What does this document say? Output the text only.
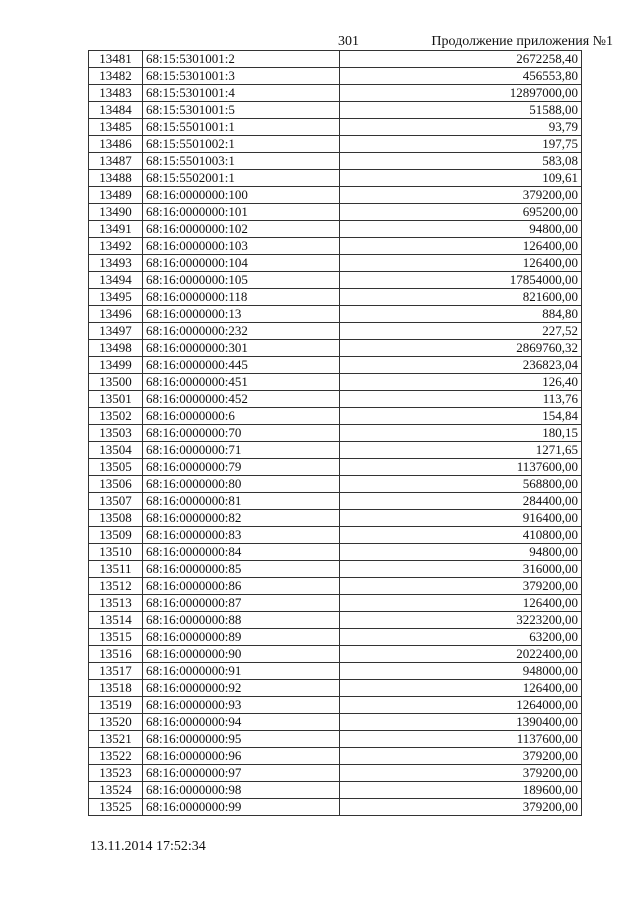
301	Продолжение приложения №1
13481	68:15:5301001:2	2672258,40
13482	68:15:5301001:3	456553,80
13483	68:15:5301001:4	12897000,00
13484	68:15:5301001:5	51588,00
13485	68:15:5501001:1	93,79
13486	68:15:5501002:1	197,75
13487	68:15:5501003:1	583,08
13488	68:15:5502001:1	109,61
13489	68:16:0000000:100	379200,00
13490	68:16:0000000:101	695200,00
13491	68:16:0000000:102	94800,00
13492	68:16:0000000:103	126400,00
13493	68:16:0000000:104	126400,00
13494	68:16:0000000:105	17854000,00
13495	68:16:0000000:118	821600,00
13496	68:16:0000000:13	884,80
13497	68:16:0000000:232	227,52
13498	68:16:0000000:301	2869760,32
13499	68:16:0000000:445	236823,04
13500	68:16:0000000:451	126,40
13501	68:16:0000000:452	113,76
13502	68:16:0000000:6	154,84
13503	68:16:0000000:70	180,15
13504	68:16:0000000:71	1271,65
13505	68:16:0000000:79	1137600,00
13506	68:16:0000000:80	568800,00
13507	68:16:0000000:81	284400,00
13508	68:16:0000000:82	916400,00
13509	68:16:0000000:83	410800,00
13510	68:16:0000000:84	94800,00
13511	68:16:0000000:85	316000,00
13512	68:16:0000000:86	379200,00
13513	68:16:0000000:87	126400,00
13514	68:16:0000000:88	3223200,00
13515	68:16:0000000:89	63200,00
13516	68:16:0000000:90	2022400,00
13517	68:16:0000000:91	948000,00
13518	68:16:0000000:92	126400,00
13519	68:16:0000000:93	1264000,00
13520	68:16:0000000:94	1390400,00
13521	68:16:0000000:95	1137600,00
13522	68:16:0000000:96	379200,00
13523	68:16:0000000:97	379200,00
13524	68:16:0000000:98	189600,00
13525	68:16:0000000:99	379200,00
13.11.2014 17:52:34
